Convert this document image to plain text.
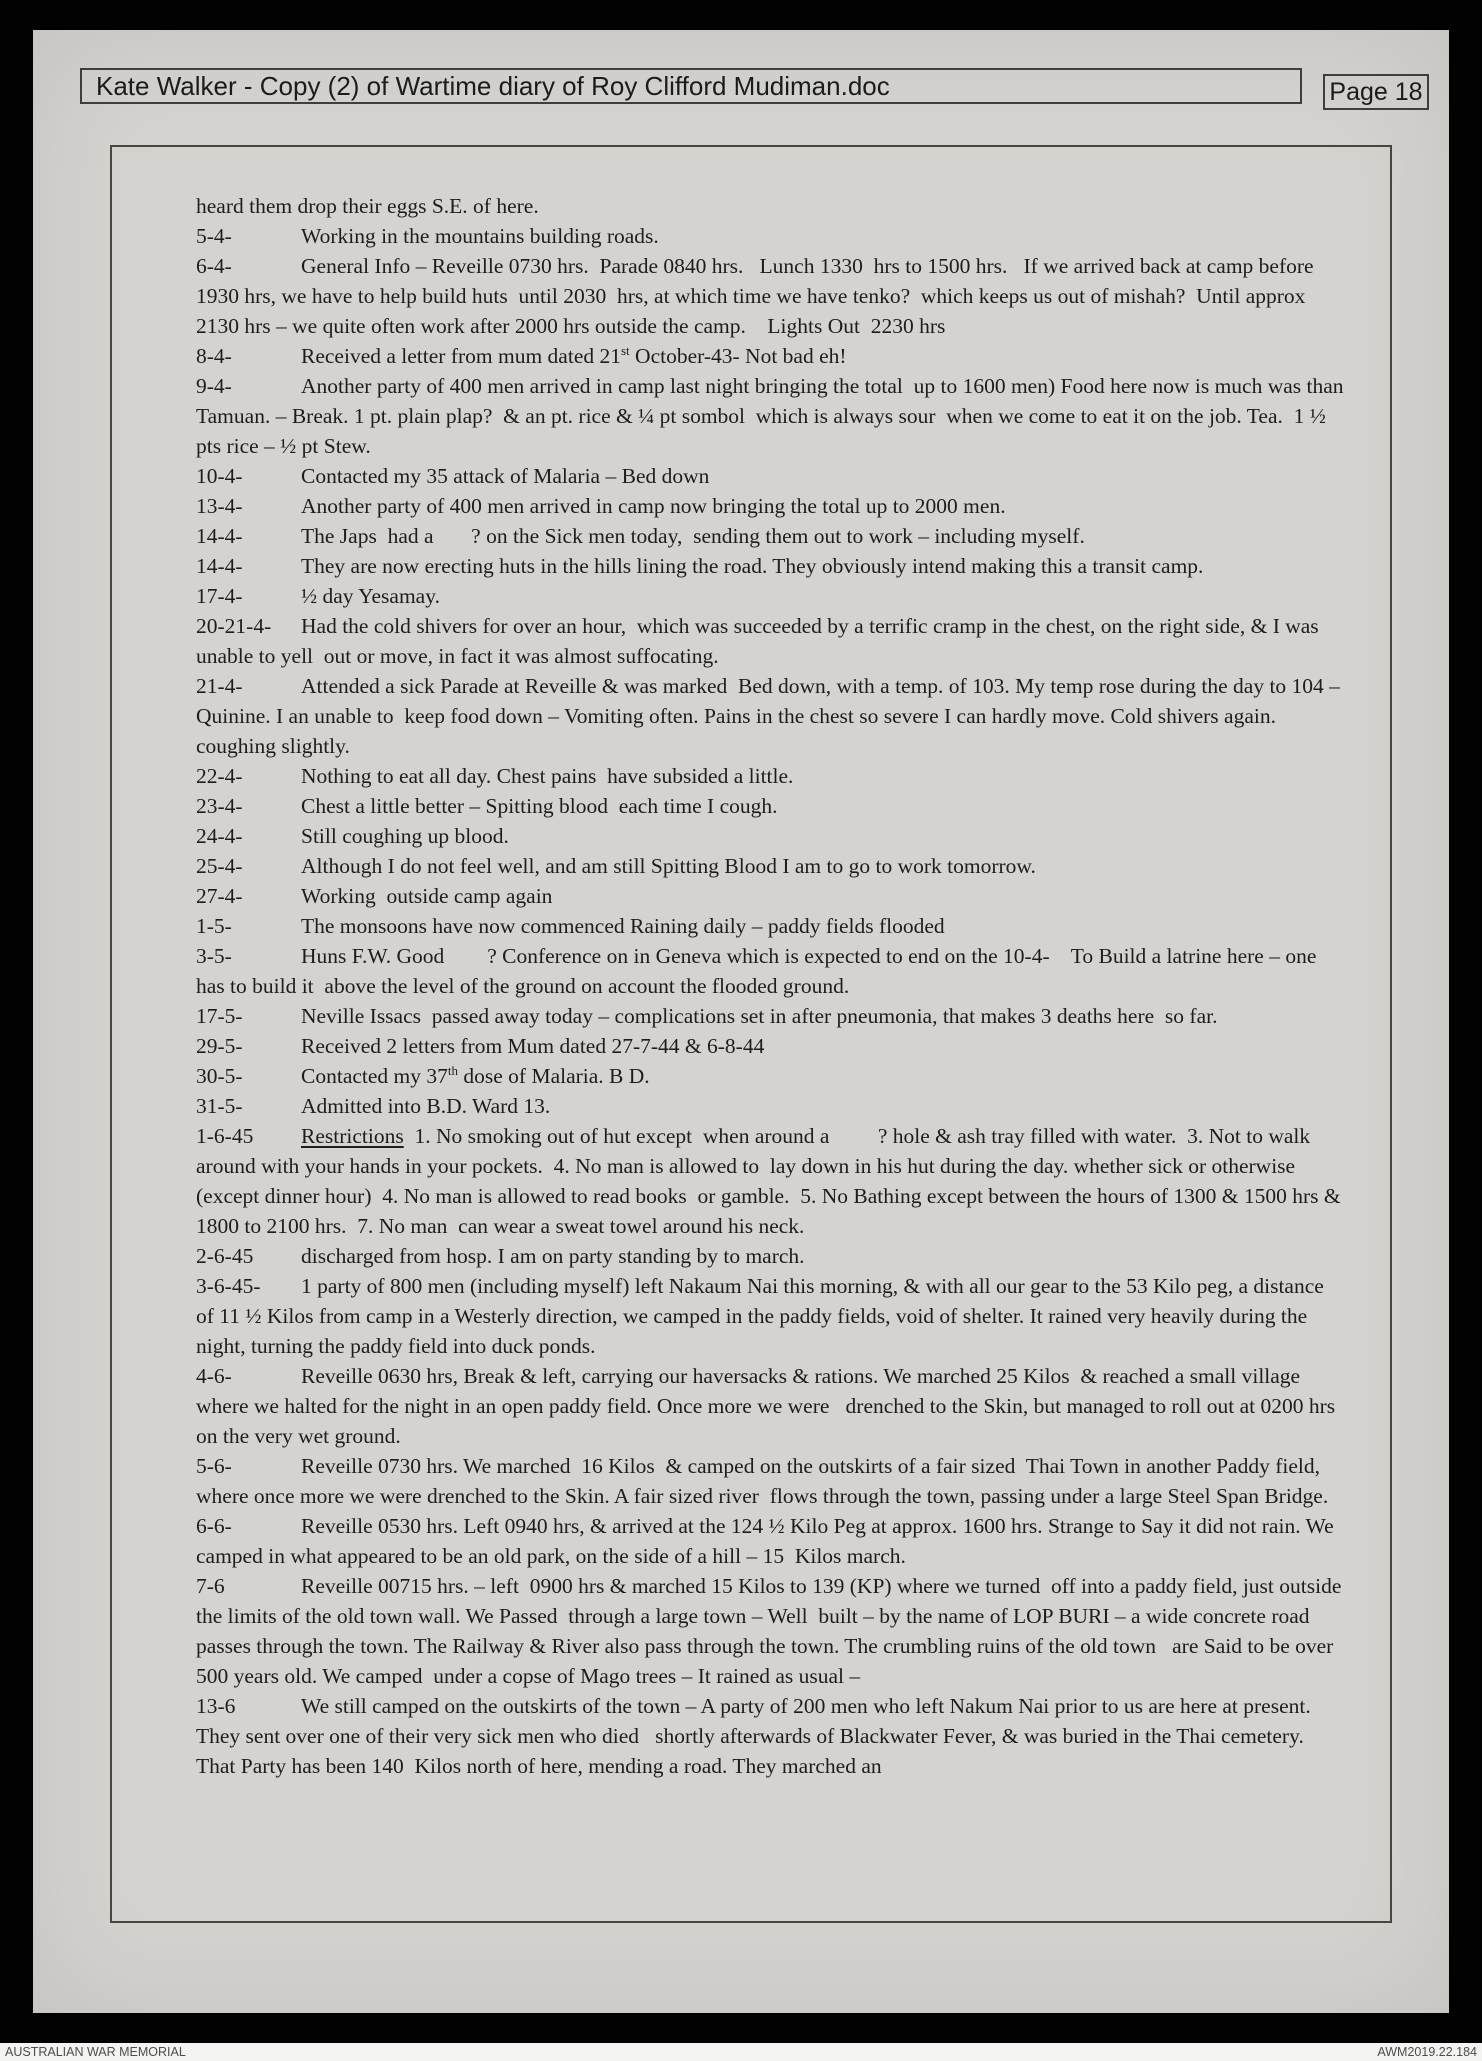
Kate Walker - Copy (2) of Wartime diary of Roy Clifford Mudiman.doc	Page 18

heard them drop their eggs S.E. of here.

5-4-	Working in the mountains building roads.

6-4-	General Info – Reveille 0730 hrs.  Parade 0840 hrs.   Lunch 1330  hrs to 1500 hrs.   If we arrived back at camp before 1930 hrs, we have to help build huts  until 2030  hrs, at which time we have tenko?  which keeps us out of mishah?  Until approx 2130 hrs – we quite often work after 2000 hrs outside the camp.    Lights Out  2230 hrs

8-4-	Received a letter from mum dated 21st October-43- Not bad eh!

9-4-	Another party of 400 men arrived in camp last night bringing the total  up to 1600 men) Food here now is much was than Tamuan. – Break. 1 pt. plain plap?  & an pt. rice & ¼ pt sombol  which is always sour  when we come to eat it on the job. Tea.  1 ½ pts rice – ½ pt Stew.

10-4-	Contacted my 35 attack of Malaria – Bed down

13-4-	Another party of 400 men arrived in camp now bringing the total up to 2000 men.

14-4-	The Japs  had a       ? on the Sick men today,  sending them out to work – including myself.

14-4-	They are now erecting huts in the hills lining the road. They obviously intend making this a transit camp.

17-4-	½ day Yesamay.

20-21-4- Had the cold shivers for over an hour,  which was succeeded by a terrific cramp in the chest, on the right side, & I was unable to yell  out or move, in fact it was almost suffocating.

21-4-	Attended a sick Parade at Reveille & was marked  Bed down, with a temp. of 103. My temp rose during the day to 104 – Quinine. I an unable to  keep food down – Vomiting often. Pains in the chest so severe I can hardly move. Cold shivers again. coughing slightly.

22-4-	Nothing to eat all day. Chest pains  have subsided a little.

23-4-	Chest a little better – Spitting blood  each time I cough.

24-4-	Still coughing up blood.

25-4-	Although I do not feel well, and am still Spitting Blood I am to go to work tomorrow.

27-4-	Working  outside camp again

1-5-	The monsoons have now commenced Raining daily – paddy fields flooded

3-5-	Huns F.W. Good        ? Conference on in Geneva which is expected to end on the 10-4-    To Build a latrine here – one  has to build it  above the level of the ground on account the flooded ground.

17-5-	Neville Issacs  passed away today – complications set in after pneumonia, that makes 3 deaths here  so far.

29-5-	Received 2 letters from Mum dated 27-7-44 & 6-8-44

30-5-	Contacted my 37th dose of Malaria. B D.

31-5-	Admitted into B.D. Ward 13.

1-6-45 Restrictions  1. No smoking out of hut except  when around a         ? hole & ash tray filled with water.  3. Not to walk around with your hands in your pockets.  4. No man is allowed to  lay down in his hut during the day. whether sick or otherwise (except dinner hour)  4. No man is allowed to read books  or gamble.  5. No Bathing except between the hours of 1300 & 1500 hrs & 1800 to 2100 hrs.  7. No man  can wear a sweat towel around his neck.

2-6-45 discharged from hosp. I am on party standing by to march.

3-6-45- 1 party of 800 men (including myself) left Nakaum Nai this morning, & with all our gear to the 53 Kilo peg, a distance of 11 ½ Kilos from camp in a Westerly direction, we camped in the paddy fields, void of shelter. It rained very heavily during the night, turning the paddy field into duck ponds.

4-6-	Reveille 0630 hrs, Break & left, carrying our haversacks & rations. We marched 25 Kilos  & reached a small village where we halted for the night in an open paddy field. Once more we were   drenched to the Skin, but managed to roll out at 0200 hrs on the very wet ground.

5-6-	Reveille 0730 hrs. We marched  16 Kilos  & camped on the outskirts of a fair sized  Thai Town in another Paddy field, where once more we were drenched to the Skin. A fair sized river  flows through the town, passing under a large Steel Span Bridge.

6-6-	Reveille 0530 hrs. Left 0940 hrs, & arrived at the 124 ½ Kilo Peg at approx. 1600 hrs. Strange to Say it did not rain. We camped in what appeared to be an old park, on the side of a hill – 15  Kilos march.

7-6	Reveille 00715 hrs. – left  0900 hrs & marched 15 Kilos to 139 (KP) where we turned  off into a paddy field, just outside the limits of the old town wall. We Passed  through a large town – Well  built – by the name of LOP BURI – a wide concrete road passes through the town. The Railway & River also pass through the town. The crumbling ruins of the old town   are Said to be over 500 years old. We camped  under a copse of Mago trees – It rained as usual –

13-6	We still camped on the outskirts of the town – A party of 200 men who left Nakum Nai prior to us are here at present. They sent over one of their very sick men who died   shortly afterwards of Blackwater Fever, & was buried in the Thai cemetery. That Party has been 140  Kilos north of here, mending a road. They marched an

AUSTRALIAN WAR MEMORIAL	AWM2019.22.184
